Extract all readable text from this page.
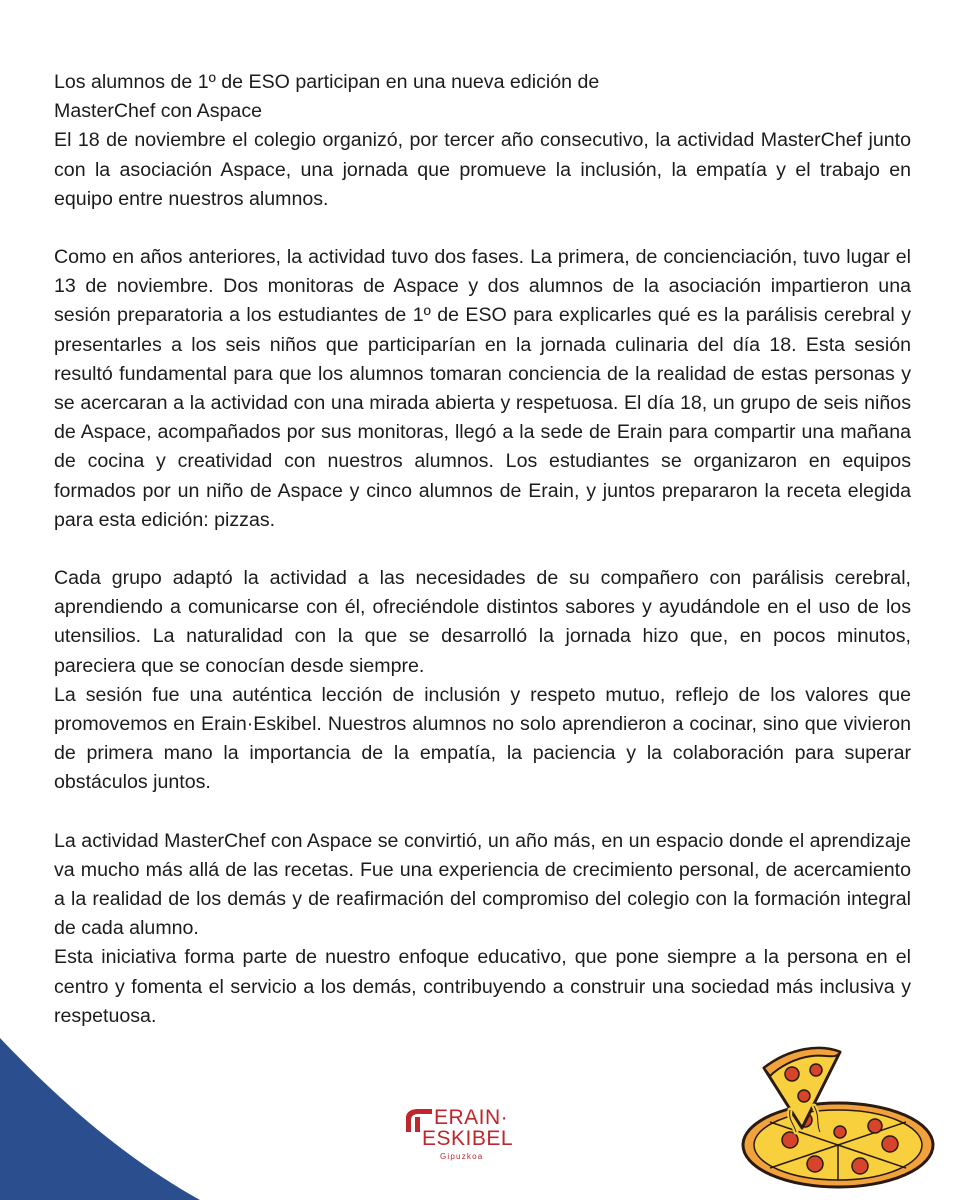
Los alumnos de 1º de ESO participan en una nueva edición de
MasterChef con Aspace

El 18 de noviembre el colegio organizó, por tercer año consecutivo, la actividad MasterChef junto con la asociación Aspace, una jornada que promueve la inclusión, la empatía y el trabajo en equipo entre nuestros alumnos.

Como en años anteriores, la actividad tuvo dos fases. La primera, de concienciación, tuvo lugar el 13 de noviembre. Dos monitoras de Aspace y dos alumnos de la asociación impartieron una sesión preparatoria a los estudiantes de 1º de ESO para explicarles qué es la parálisis cerebral y presentarles a los seis niños que participarían en la jornada culinaria del día 18. Esta sesión resultó fundamental para que los alumnos tomaran conciencia de la realidad de estas personas y se acercaran a la actividad con una mirada abierta y respetuosa. El día 18, un grupo de seis niños de Aspace, acompañados por sus monitoras, llegó a la sede de Erain para compartir una mañana de cocina y creatividad con nuestros alumnos. Los estudiantes se organizaron en equipos formados por un niño de Aspace y cinco alumnos de Erain, y juntos prepararon la receta elegida para esta edición: pizzas.

Cada grupo adaptó la actividad a las necesidades de su compañero con parálisis cerebral, aprendiendo a comunicarse con él, ofreciéndole distintos sabores y ayudándole en el uso de los utensilios. La naturalidad con la que se desarrolló la jornada hizo que, en pocos minutos, pareciera que se conocían desde siempre.

La sesión fue una auténtica lección de inclusión y respeto mutuo, reflejo de los valores que promovemos en Erain·Eskibel. Nuestros alumnos no solo aprendieron a cocinar, sino que vivieron de primera mano la importancia de la empatía, la paciencia y la colaboración para superar obstáculos juntos.

La actividad MasterChef con Aspace se convirtió, un año más, en un espacio donde el aprendizaje va mucho más allá de las recetas. Fue una experiencia de crecimiento personal, de acercamiento a la realidad de los demás y de reafirmación del compromiso del colegio con la formación integral de cada alumno.

Esta iniciativa forma parte de nuestro enfoque educativo, que pone siempre a la persona en el centro y fomenta el servicio a los demás, contribuyendo a construir una sociedad más inclusiva y respetuosa.

ERAIN·
ESKIBEL
Gipuzkoa
